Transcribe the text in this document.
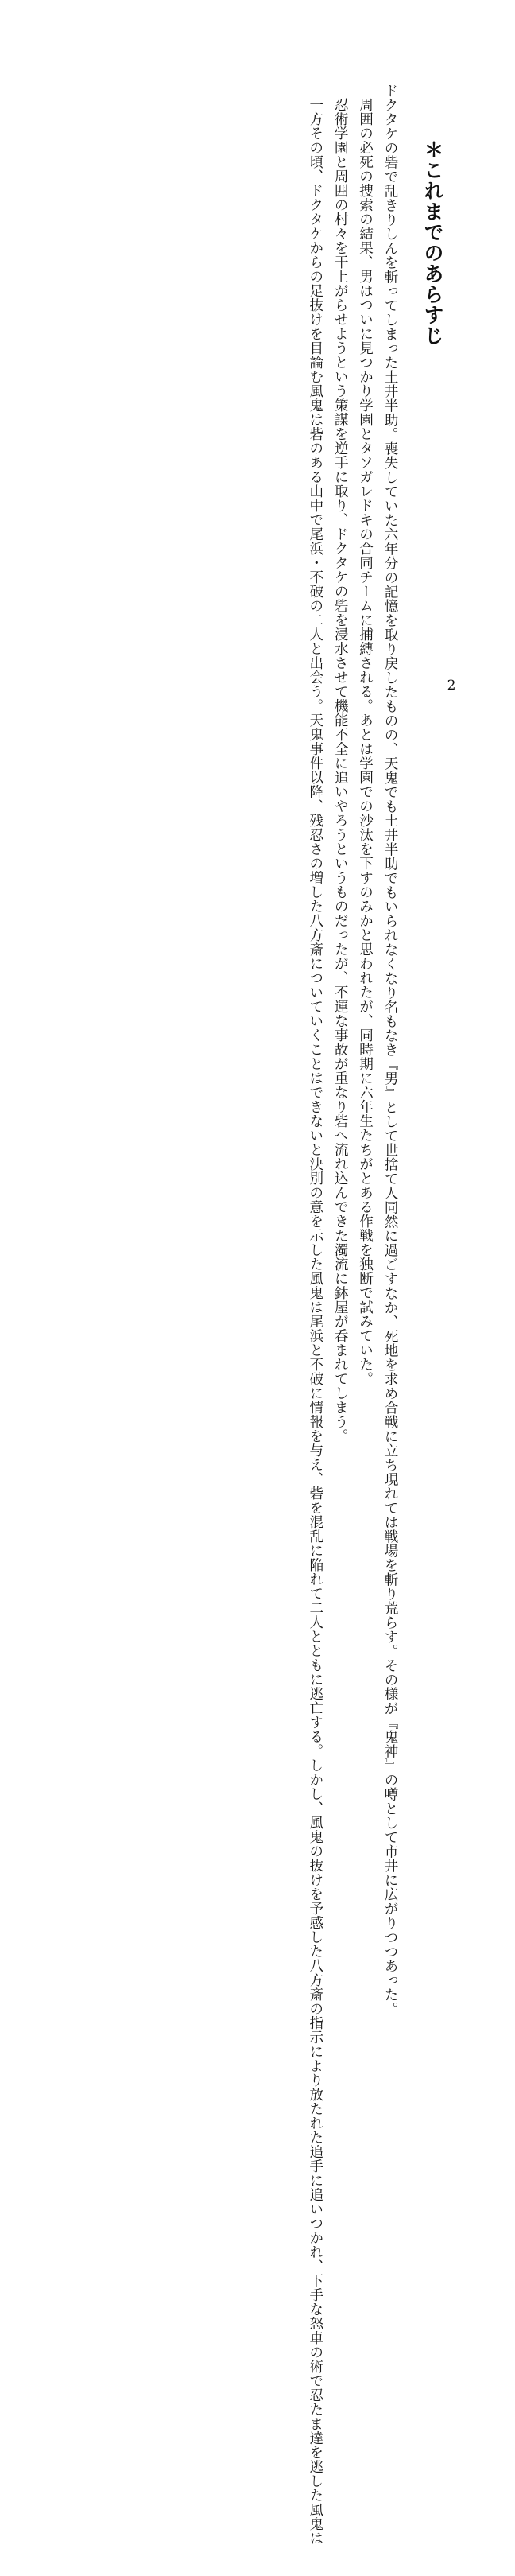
＊これまでのあらすじ

ドクタケの砦で乱きりしんを斬ってしまった土井半助。喪失していた六年分の記憶を取り戻したものの、天鬼でも土井半助でもいられなくなり名もなき『男』として世捨て人同然に過ごすなか、死地を求め合戦に立ち現れては戦場を斬り荒らす。その様が『鬼神』の噂として市井に広がりつつあった。

周囲の必死の捜索の結果、男はついに見つかり学園とタソガレドキの合同チームに捕縛される。あとは学園での沙汰を下すのみかと思われたが、同時期に六年生たちがとある作戦を独断で試みていた。

忍術学園と周囲の村々を干上がらせようという策謀を逆手に取り、ドクタケの砦を浸水させて機能不全に追いやろうというものだったが、不運な事故が重なり砦へ流れ込んできた濁流に鉢屋が呑まれてしまう。

一方その頃、ドクタケからの足抜けを目論む風鬼は砦のある山中で尾浜・不破の二人と出会う。天鬼事件以降、残忍さの増した八方斎についていくことはできないと決別の意を示した風鬼は尾浜と不破に情報を与え、砦を混乱に陥れて二人とともに逃亡する。しかし、風鬼の抜けを予感した八方斎の指示により放たれた追手に追いつかれ、下手な怒車の術で忍たま達を逃した風鬼は	2
